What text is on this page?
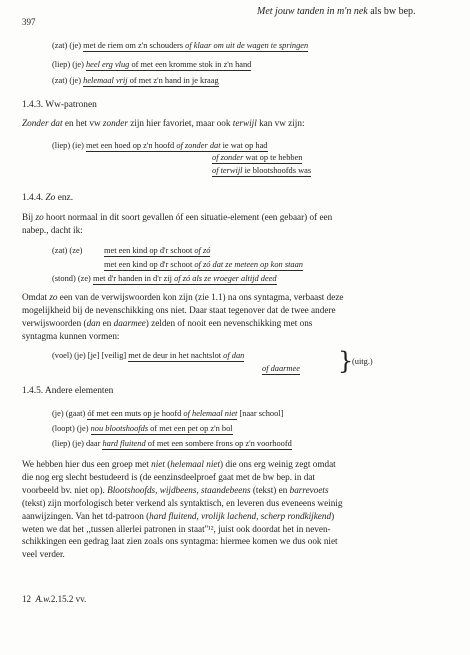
397
Met jouw tanden in m'n nek als bw bep.
(zat) (je) met de riem om z'n schouders of klaar om uit de wagen te springen
(liep) (je) heel erg vlug of met een kromme stok in z'n hand
(zat) (je) helemaal vrij of met z'n hand in je kraag
1.4.3. Ww-patronen
Zonder dat en het vw zonder zijn hier favoriet, maar ook terwijl kan vw zijn:
(liep) (ie) met een hoed op z'n hoofd of zonder dat ie wat op had
of zonder wat op te hebben
of terwijl ie blootshoofds was
1.4.4. Zo enz.
Bij zo hoort normaal in dit soort gevallen óf een situatie-element (een gebaar) of een
nabep., dacht ik:
(zat) (ze)	met een kind op d'r schoot of zó
met een kind op d'r schoot of zó dat ze meteen op kon staan
(stond) (ze) met d'r handen in d'r zij of zó als ze vroeger altijd deed
Omdat zo een van de verwijswoorden kon zijn (zie 1.1) na ons syntagma, verbaast deze
mogelijkheid bij de nevenschikking ons niet. Daar staat tegenover dat de twee andere
verwijswoorden (dan en daarmee) zelden of nooit een nevenschikking met ons
syntagma kunnen vormen:
(voel) (je) [je] [veilig] met de deur in het nachtslot of dan
of daarmee }
(uitg.)
1.4.5. Andere elementen
(je) (gaat) óf met een muts op je hoofd of helemaal niet [naar school]
(loopt) (je) nou blootshoofds of met een pet op z'n bol
(liep) (je) daar hard fluitend of met een sombere frons op z'n voorhoofd
We hebben hier dus een groep met niet (helemaal niet) die ons erg weinig zegt omdat
die nog erg slecht bestudeerd is (de eenzinsdeelproef gaat met de bw bep. in dat
voorbeeld bv. niet op). Blootshoofds, wijdbeens, staandebeens (tekst) en barrevoets
(tekst) zijn morfologisch beter verkend als syntaktisch, en leveren dus eveneens weinig
aanwijzingen. Van het td-patroon (hard fluitend, vrolijk lachend, scherp rondkijkend)
weten we dat het ,,tussen allerlei patronen in staat''¹², juist ook doordat het in neven-
schikkingen een gedrag laat zien zoals ons syntagma: hiermee komen we dus ook niet
veel verder.
12 A.w.2.15.2 vv.
